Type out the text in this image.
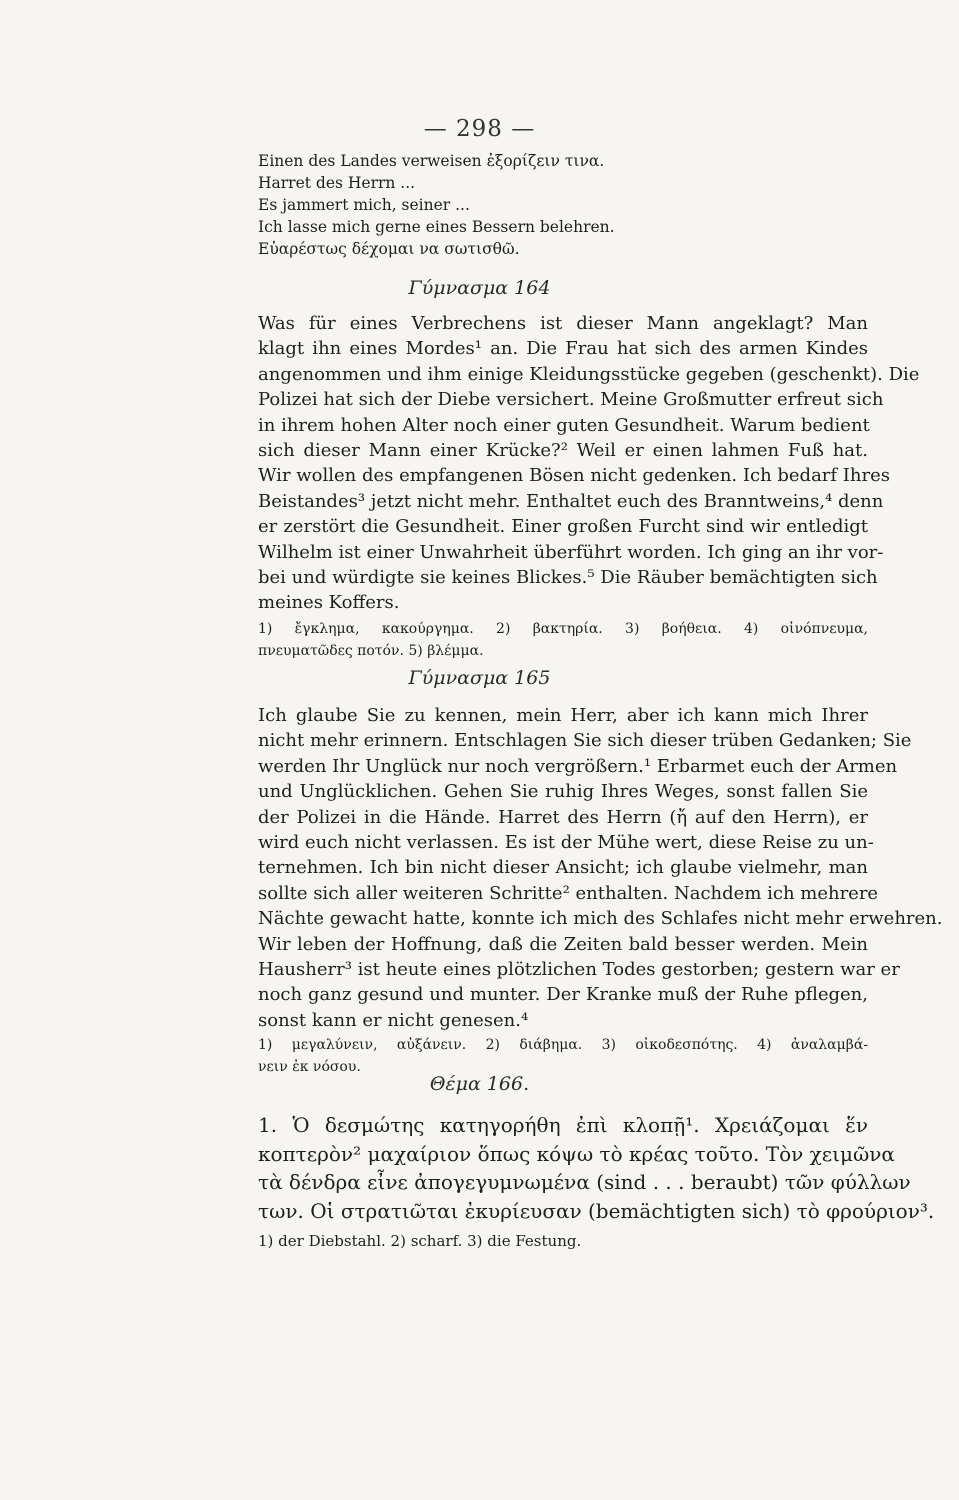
— 298 —
Einen des Landes verweisen ἐξορίζειν τινα.
Harret des Herrn ...
Es jammert mich, seiner ...
Ich lasse mich gerne eines Bessern belehren.
Εὐαρέστως δέχομαι να σωτισθῶ.
Γύμνασμα 164
Was für eines Verbrechens ist dieser Mann angeklagt? Man
klagt ihn eines Mordes¹ an. Die Frau hat sich des armen Kindes
angenommen und ihm einige Kleidungsstücke gegeben (geschenkt). Die
Polizei hat sich der Diebe versichert. Meine Großmutter erfreut sich
in ihrem hohen Alter noch einer guten Gesundheit. Warum bedient
sich dieser Mann einer Krücke?² Weil er einen lahmen Fuß hat.
Wir wollen des empfangenen Bösen nicht gedenken. Ich bedarf Ihres
Beistandes³ jetzt nicht mehr. Enthaltet euch des Branntweins,⁴ denn
er zerstört die Gesundheit. Einer großen Furcht sind wir entledigt
Wilhelm ist einer Unwahrheit überführt worden. Ich ging an ihr vor-
bei und würdigte sie keines Blickes.⁵ Die Räuber bemächtigten sich
meines Koffers.
1) ἔγκλημα, κακούργημα. 2) βακτηρία. 3) βοήθεια. 4) οἰνόπνευμα,
πνευματῶδες ποτόν. 5) βλέμμα.
Γύμνασμα 165
Ich glaube Sie zu kennen, mein Herr, aber ich kann mich Ihrer
nicht mehr erinnern. Entschlagen Sie sich dieser trüben Gedanken; Sie
werden Ihr Unglück nur noch vergrößern.¹ Erbarmet euch der Armen
und Unglücklichen. Gehen Sie ruhig Ihres Weges, sonst fallen Sie
der Polizei in die Hände. Harret des Herrn (ἤ auf den Herrn), er
wird euch nicht verlassen. Es ist der Mühe wert, diese Reise zu un-
ternehmen. Ich bin nicht dieser Ansicht; ich glaube vielmehr, man
sollte sich aller weiteren Schritte² enthalten. Nachdem ich mehrere
Nächte gewacht hatte, konnte ich mich des Schlafes nicht mehr erwehren.
Wir leben der Hoffnung, daß die Zeiten bald besser werden. Mein
Hausherr³ ist heute eines plötzlichen Todes gestorben; gestern war er
noch ganz gesund und munter. Der Kranke muß der Ruhe pflegen,
sonst kann er nicht genesen.⁴
1) μεγαλύνειν, αὐξάνειν. 2) διάβημα. 3) οἰκοδεσπότης. 4) ἀναλαμβά-
νειν ἐκ νόσου.
Θέμα 166.
1. Ὁ δεσμώτης κατηγορήθη ἐπὶ κλοπῇ¹. Χρειάζομαι ἕν
κοπτερὸν² μαχαίριον ὅπως κόψω τὸ κρέας τοῦτο. Τὸν χειμῶνα
τὰ δένδρα εἶνε ἀπογεγυμνωμένα (sind . . . beraubt) τῶν φύλλων
των. Οἱ στρατιῶται ἐκυρίευσαν (bemächtigten sich) τὸ φρούριον³.
1) der Diebstahl. 2) scharf. 3) die Festung.
